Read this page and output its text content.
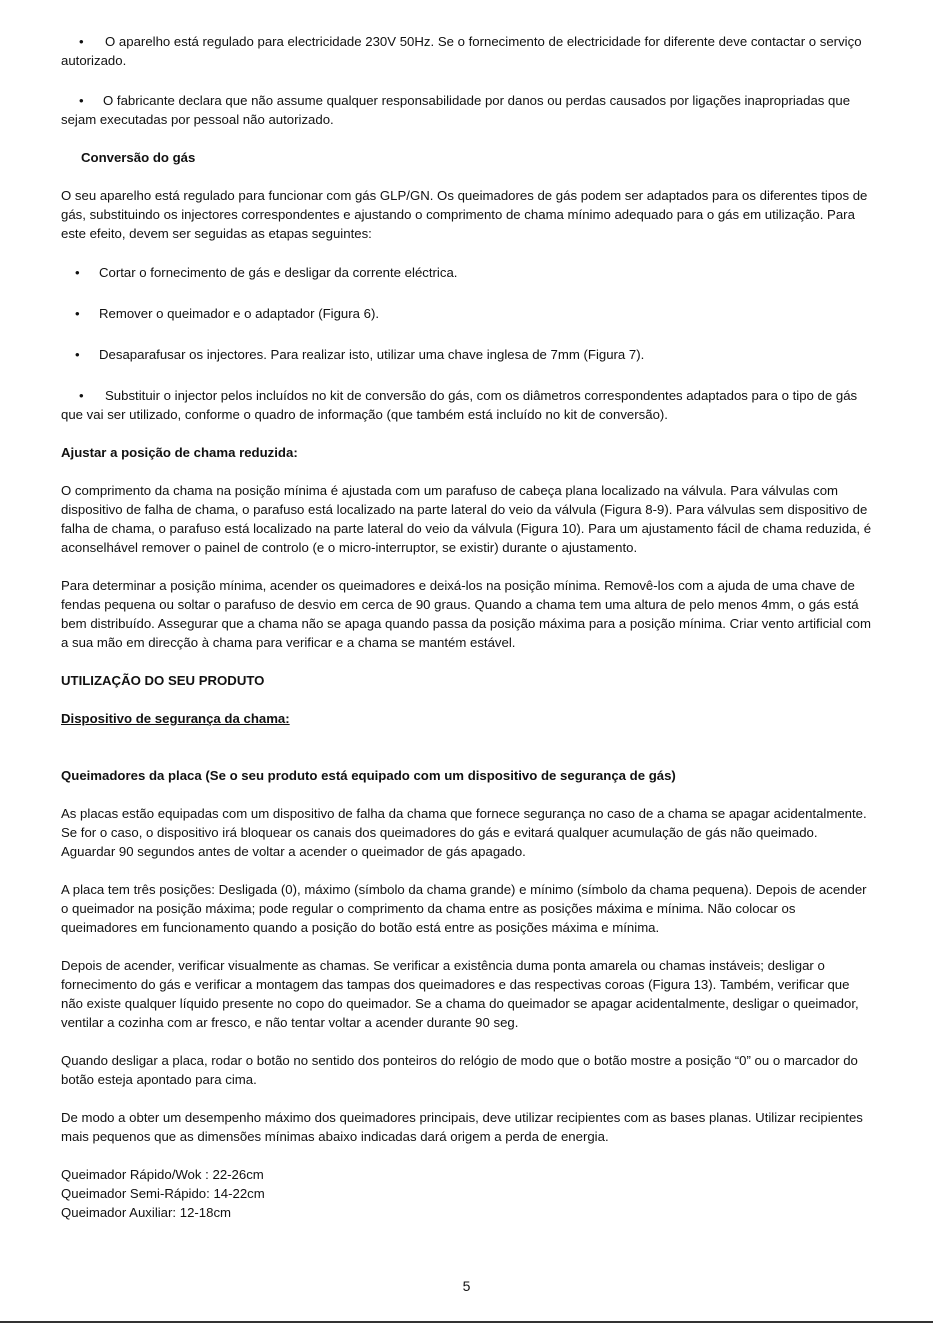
• O aparelho está regulado para electricidade 230V 50Hz. Se o fornecimento de electricidade for diferente deve contactar o serviço autorizado.

• O fabricante declara que não assume qualquer responsabilidade por danos ou perdas causados por ligações inapropriadas que sejam executadas por pessoal não autorizado.

Conversão do gás

O seu aparelho está regulado para funcionar com gás GLP/GN. Os queimadores de gás podem ser adaptados para os diferentes tipos de gás, substituindo os injectores correspondentes e ajustando o comprimento de chama mínimo adequado para o gás em utilização. Para este efeito, devem ser seguidas as etapas seguintes:

• Cortar o fornecimento de gás e desligar da corrente eléctrica.

• Remover o queimador e o adaptador (Figura 6).

• Desaparafusar os injectores. Para realizar isto, utilizar uma chave inglesa de 7mm (Figura 7).

• Substituir o injector pelos incluídos no kit de conversão do gás, com os diâmetros correspondentes adaptados para o tipo de gás que vai ser utilizado, conforme o quadro de informação (que também está incluído no kit de conversão).

Ajustar a posição de chama reduzida:

O comprimento da chama na posição mínima é ajustada com um parafuso de cabeça plana localizado na válvula. Para válvulas com dispositivo de falha de chama, o parafuso está localizado na parte lateral do veio da válvula (Figura 8-9). Para válvulas sem dispositivo de falha de chama, o parafuso está localizado na parte lateral do veio da válvula (Figura 10). Para um ajustamento fácil de chama reduzida, é aconselhável remover o painel de controlo (e o micro-interruptor, se existir) durante o ajustamento.

Para determinar a posição mínima, acender os queimadores e deixá-los na posição mínima. Removê-los com a ajuda de uma chave de fendas pequena ou soltar o parafuso de desvio em cerca de 90 graus. Quando a chama tem uma altura de pelo menos 4mm, o gás está bem distribuído. Assegurar que a chama não se apaga quando passa da posição máxima para a posição mínima. Criar vento artificial com a sua mão em direcção à chama para verificar e a chama se mantém estável.

UTILIZAÇÃO DO SEU PRODUTO

Dispositivo de segurança da chama:

Queimadores da placa (Se o seu produto está equipado com um dispositivo de segurança de gás)

As placas estão equipadas com um dispositivo de falha da chama que fornece segurança no caso de a chama se apagar acidentalmente. Se for o caso, o dispositivo irá bloquear os canais dos queimadores do gás e evitará qualquer acumulação de gás não queimado. Aguardar 90 segundos antes de voltar a acender o queimador de gás apagado.

A placa tem três posições: Desligada (0), máximo (símbolo da chama grande) e mínimo (símbolo da chama pequena). Depois de acender o queimador na posição máxima; pode regular o comprimento da chama entre as posições máxima e mínima. Não colocar os queimadores em funcionamento quando a posição do botão está entre as posições máxima e mínima.

Depois de acender, verificar visualmente as chamas. Se verificar a existência duma ponta amarela ou chamas instáveis; desligar o fornecimento do gás e verificar a montagem das tampas dos queimadores e das respectivas coroas (Figura 13). Também, verificar que não existe qualquer líquido presente no copo do queimador. Se a chama do queimador se apagar acidentalmente, desligar o queimador, ventilar a cozinha com ar fresco, e não tentar voltar a acender durante 90 seg.

Quando desligar a placa, rodar o botão no sentido dos ponteiros do relógio de modo que o botão mostre a posição “0” ou o marcador do botão esteja apontado para cima.

De modo a obter um desempenho máximo dos queimadores principais, deve utilizar recipientes com as bases planas. Utilizar recipientes mais pequenos que as dimensões mínimas abaixo indicadas dará origem a perda de energia.

Queimador Rápido/Wok : 22-26cm

Queimador Semi-Rápido: 14-22cm

Queimador Auxiliar: 12-18cm

5
